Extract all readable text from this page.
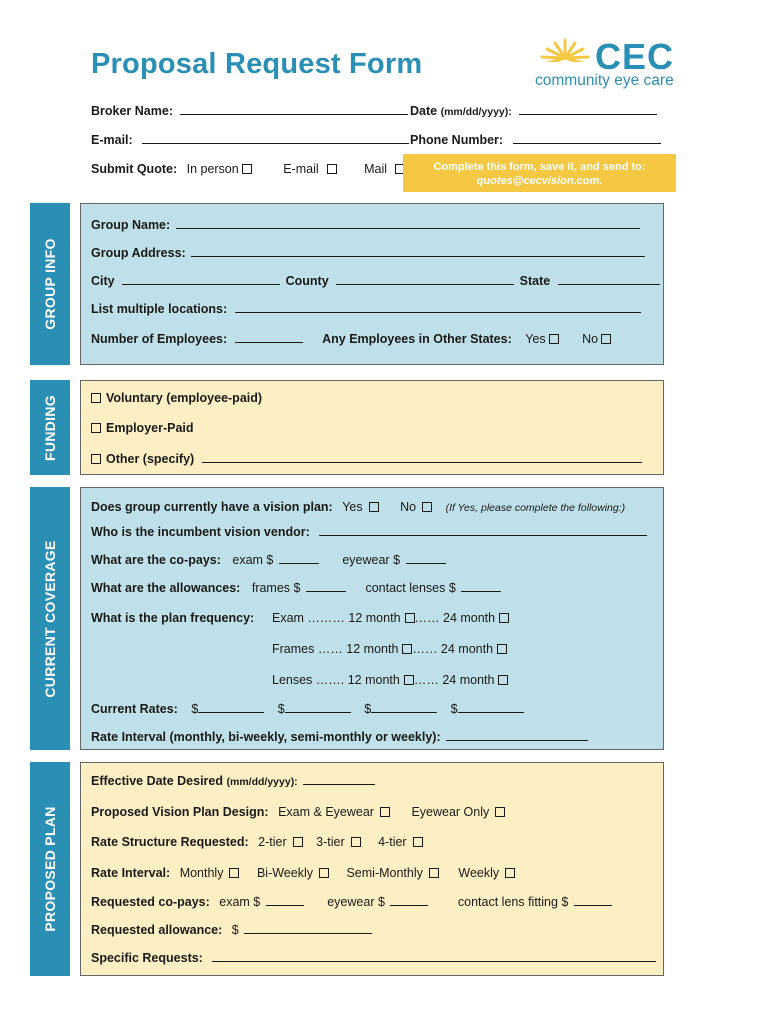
Proposal Request Form	CEC
community eye care
Broker Name:	Date (mm/dd/yyyy):
E-mail:	Phone Number:
Submit Quote: In person	E-mail	Mail	Complete this form, save it, and send to:
quotes@cecvision.com.
GROUP INFO
Group Name:
Group Address:
City	County	State
List multiple locations:
Number of Employees:	Any Employees in Other States: Yes	No
FUNDING	Voluntary (employee-paid)
Employer-Paid
Other (specify)
CURRENT COVERAGE
Does group currently have a vision plan: Yes	No	(If Yes, please complete the following:)
Who is the incumbent vision vendor:
What are the co-pays: exam $	eyewear $
What are the allowances: frames $	contact lenses $
What is the plan frequency: Exam ……… 12 month …… 24 month
Frames …… 12 month …… 24 month
Lenses ……. 12 month …… 24 month
Current Rates: $	$	$	$
Rate Interval (monthly, bi-weekly, semi-monthly or weekly):
PROPOSED PLAN
Effective Date Desired (mm/dd/yyyy):
Proposed Vision Plan Design: Exam & Eyewear	Eyewear Only
Rate Structure Requested: 2-tier 3-tier	4-tier
Rate Interval: Monthly	Bi-Weekly	Semi-Monthly	Weekly
Requested co-pays: exam $	eyewear $	contact lens fitting $
Requested allowance: $
Specific Requests:
